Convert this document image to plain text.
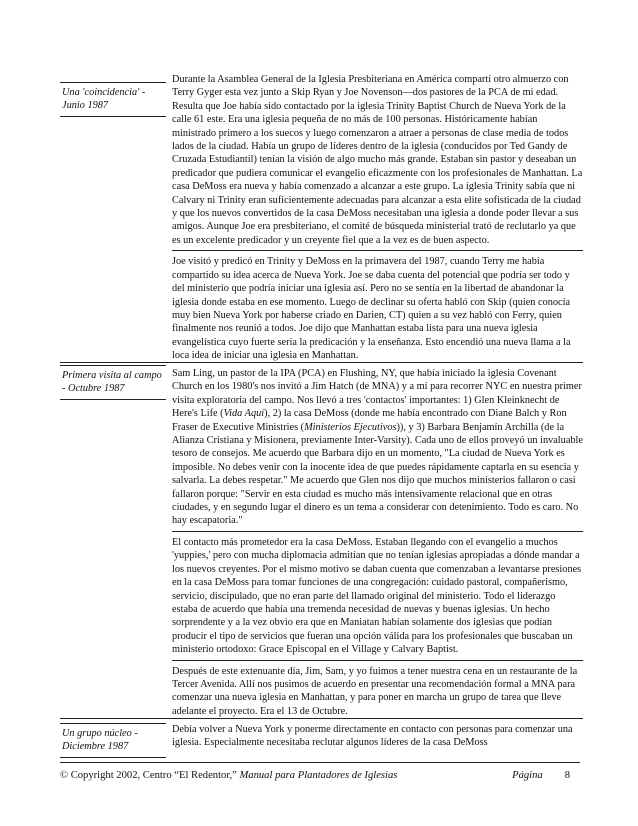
Una 'coincidencia' - Junio 1987

Durante la Asamblea General de la Iglesia Presbiteriana en América compartí otro almuerzo con Terry Gyger esta vez junto a Skip Ryan y Joe Novenson—dos pastores de la PCA de mi edad. Resulta que Joe había sido contactado por la iglesia Trinity Baptist Church de Nueva York de la calle 61 este. Era una iglesia pequeña de no más de 100 personas. Históricamente habían ministrado primero a los suecos y luego comenzaron a atraer a personas de clase media de todos lados de la ciudad. Había un grupo de líderes dentro de la iglesia (conducidos por Ted Gandy de Cruzada Estudiantil) tenían la visión de algo mucho más grande. Estaban sin pastor y deseaban un predicador que pudiera comunicar el evangelio eficazmente con los profesionales de Manhattan. La casa DeMoss era nueva y había comenzado a alcanzar a este grupo. La iglesia Trinity sabía que ni Calvary ni Trinity eran suficientemente adecuadas para alcanzar a esta elite sofisticada de la ciudad y que los nuevos convertidos de la casa DeMoss necesitaban una iglesia a donde poder llevar a sus amigos. Aunque Joe era presbiteriano, el comité de búsqueda ministerial trató de reclutarlo ya que es un excelente predicador y un creyente fiel que a la vez es de buen aspecto.

Joe visitó y predicó en Trinity y DeMoss en la primavera del 1987, cuando Terry me había compartido su idea acerca de Nueva York. Joe se daba cuenta del potencial que podría ser todo y del ministerio que podría iniciar una iglesia así. Pero no se sentía en la libertad de abandonar la iglesia donde estaba en ese momento. Luego de declinar su oferta habló con Skip (quien conocía muy bien Nueva York por haberse criado en Darien, CT) quien a su vez habló con Ferry, quien finalmente nos reunió a todos. Joe dijo que Manhattan estaba lista para una nueva iglesia evangelística cuyo fuerte sería la predicación y la enseñanza. Esto encendió una nueva llama a la loca idea de iniciar una iglesia en Manhattan.

Primera visita al campo - Octubre 1987

Sam Ling, un pastor de la IPA (PCA) en Flushing, NY, que había iniciado la iglesia Covenant Church en los 1980's nos invitó a Jim Hatch (de MNA) y a mí para recorrer NYC en nuestra primer visita exploratoria del campo. Nos llevó a tres 'contactos' importantes: 1) Glen Kleinknecht de Here's Life (Vida Aquí), 2) la casa DeMoss (donde me había encontrado con Diane Balch y Ron Fraser de Executive Ministries (Ministerios Ejecutivos)), y 3) Barbara Benjamín Archilla (de la Alianza Cristiana y Misionera, previamente Inter-Varsity). Cada uno de ellos proveyó un invaluable tesoro de consejos. Me acuerdo que Barbara dijo en un momento, "La ciudad de Nueva York es imposible. No debes venir con la inocente idea de que puedes rápidamente captarla en su esencia y salvarla. La debes respetar." Me acuerdo que Glen nos dijo que muchos ministerios fallaron o casi fallaron porque: "Servir en esta ciudad es mucho más intensivamente relacional que en otras ciudades, y en segundo lugar el dinero es un tema a considerar con detenimiento. Todo es caro. No hay escapatoria."

El contacto más prometedor era la casa DeMoss. Estaban llegando con el evangelio a muchos 'yuppies,' pero con mucha diplomacia admitían que no tenían iglesias apropiadas a dónde mandar a los nuevos creyentes. Por el mismo motivo se daban cuenta que comenzaban a levantarse presiones en la casa DeMoss para tomar funciones de una congregación: cuidado pastoral, compañerismo, servicio, discipulado, que no eran parte del llamado original del ministerio. Todo el liderazgo estaba de acuerdo que había una tremenda necesidad de nuevas y buenas iglesias. Un hecho sorprendente y a la vez obvio era que en Maniatan habían solamente dos iglesias que podían producir el tipo de servicios que fueran una opción válida para los profesionales que buscaban un ministerio ortodoxo: Grace Episcopal en el Village y Calvary Baptist.

Después de este extenuante día, Jim, Sam, y yo fuimos a tener nuestra cena en un restaurante de la Tercer Avenida. Allí nos pusimos de acuerdo en presentar una recomendación formal a MNA para comenzar una nueva iglesia en Manhattan, y para poner en marcha un grupo de tarea que lleve adelante el proyecto. Era el 13 de Octubre.

Un grupo núcleo - Diciembre 1987

Debía volver a Nueva York y ponerme directamente en contacto con personas para comenzar una iglesia. Especialmente necesitaba reclutar algunos líderes de la casa DeMoss

© Copyright 2002, Centro “El Redentor,” Manual para Plantadores de Iglesias	Página 8
